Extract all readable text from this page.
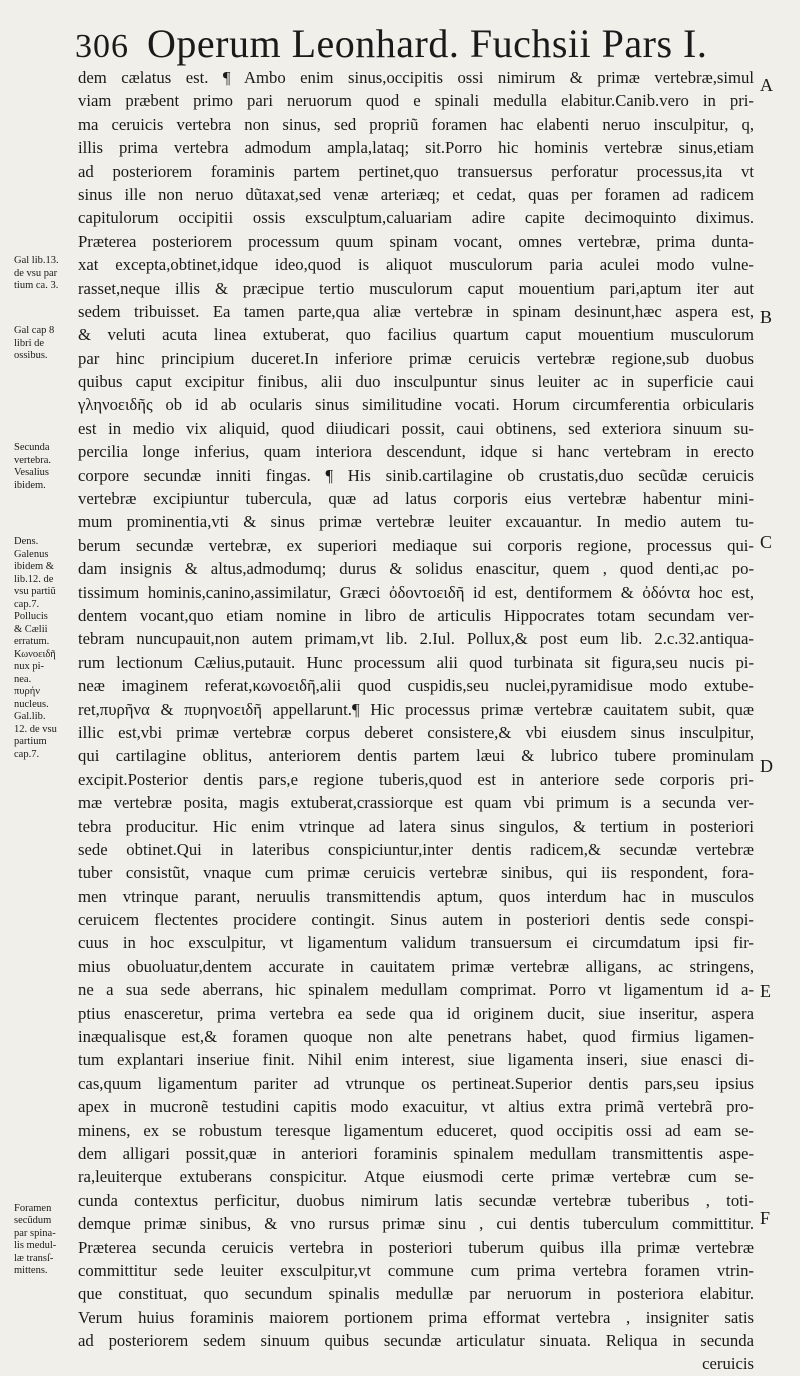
306 Operum Leonhard. Fuchsii Pars I.
dem cælatus est. ¶ Ambo enim sinus,occipitis ossi nimirum & primæ vertebræ,simul
viam præbent primo pari neruorum quod e spinali medulla elabitur.Canib.vero in pri-
ma ceruicis vertebra non sinus, sed propriũ foramen hac elabenti neruo insculpitur, q,
illis prima vertebra admodum ampla,lataq; sit.Porro hic hominis vertebræ sinus,etiam
ad posteriorem foraminis partem pertinet,quo transuersus perforatur processus,ita vt
sinus ille non neruo dũtaxat,sed venæ arteriæq; et cedat, quas per foramen ad radicem
capitulorum occipitii ossis exsculptum,caluariam adire capite decimoquinto diximus.
Præterea posteriorem processum quum spinam vocant, omnes vertebræ, prima dunta-
xat excepta,obtinet,idque ideo,quod is aliquot musculorum paria aculei modo vulne-
rasset,neque illis & præcipue tertio musculorum caput mouentium pari,aptum iter aut
sedem tribuisset. Ea tamen parte,qua aliæ vertebræ in spinam desinunt,hæc aspera est,
& veluti acuta linea extuberat, quo facilius quartum caput mouentium musculorum
par hinc principium duceret.In inferiore primæ ceruicis vertebræ regione,sub duobus
quibus caput excipitur finibus, alii duo insculpuntur sinus leuiter ac in superficie caui
γληνοειδῆς ob id ab ocularis sinus similitudine vocati. Horum circumferentia orbicularis
est in medio vix aliquid, quod diiudicari possit, caui obtinens, sed exteriora sinuum su-
percilia longe inferius, quam interiora descendunt, idque si hanc vertebram in erecto
corpore secundæ inniti fingas. ¶ His sinib.cartilagine ob crustatis,duo secũdæ ceruicis
vertebræ excipiuntur tubercula, quæ ad latus corporis eius vertebræ habentur mini-
mum prominentia,vti & sinus primæ vertebræ leuiter excauantur. In medio autem tu-
berum secundæ vertebræ, ex superiori mediaque sui corporis regione, processus qui-
dam insignis & altus,admodumq; durus & solidus enascitur, quem , quod denti,ac po-
tissimum hominis,canino,assimilatur, Græci ὀδοντοειδῆ id est, dentiformem & ὀδόντα hoc est,
dentem vocant,quo etiam nomine in libro de articulis Hippocrates totam secundam ver-
tebram nuncupauit,non autem primam,vt lib. 2.Iul. Pollux,& post eum lib. 2.c.32.antiqua-
rum lectionum Cælius,putauit. Hunc processum alii quod turbinata sit figura,seu nucis pi-
neæ imaginem referat,κωνοειδῆ,alii quod cuspidis,seu nuclei,pyramidisue modo extube-
ret,πυρῆνα & πυρηνοειδῆ appellarunt.¶ Hic processus primæ vertebræ cauitatem subit, quæ
illic est,vbi primæ vertebræ corpus deberet consistere,& vbi eiusdem sinus insculpitur,
qui cartilagine oblitus, anteriorem dentis partem læui & lubrico tubere prominulam
excipit.Posterior dentis pars,e regione tuberis,quod est in anteriore sede corporis pri-
mæ vertebræ posita, magis extuberat,crassiorque est quam vbi primum is a secunda ver-
tebra producitur. Hic enim vtrinque ad latera sinus singulos, & tertium in posteriori
sede obtinet.Qui in lateribus conspiciuntur,inter dentis radicem,& secundæ vertebræ
tuber consistũt, vnaque cum primæ ceruicis vertebræ sinibus, qui iis respondent, fora-
men vtrinque parant, neruulis transmittendis aptum, quos interdum hac in musculos
ceruicem flectentes procidere contingit. Sinus autem in posteriori dentis sede conspi-
cuus in hoc exsculpitur, vt ligamentum validum transuersum ei circumdatum ipsi fir-
mius obuoluatur,dentem accurate in cauitatem primæ vertebræ alligans, ac stringens,
ne a sua sede aberrans, hic spinalem medullam comprimat. Porro vt ligamentum id a-
ptius enasceretur, prima vertebra ea sede qua id originem ducit, siue inseritur, aspera
inæqualisque est,& foramen quoque non alte penetrans habet, quod firmius ligamen-
tum explantari inseriue finit. Nihil enim interest, siue ligamenta inseri, siue enasci di-
cas,quum ligamentum pariter ad vtrunque os pertineat.Superior dentis pars,seu ipsius
apex in mucronẽ testudini capitis modo exacuitur, vt altius extra primã vertebrã pro-
minens, ex se robustum teresque ligamentum educeret, quod occipitis ossi ad eam se-
dem alligari possit,quæ in anteriori foraminis spinalem medullam transmittentis aspe-
ra,leuiterque extuberans conspicitur. Atque eiusmodi certe primæ vertebræ cum se-
cunda contextus perficitur, duobus nimirum latis secundæ vertebræ tuberibus , toti-
demque primæ sinibus, & vno rursus primæ sinu , cui dentis tuberculum committitur.
Præterea secunda ceruicis vertebra in posteriori tuberum quibus illa primæ vertebræ
committitur sede leuiter exsculpitur,vt commune cum prima vertebra foramen vtrin-
que constituat, quo secundum spinalis medullæ par neruorum in posteriora elabitur.
Verum huius foraminis maiorem portionem prima efformat vertebra , insigniter satis
ad posteriorem sedem sinuum quibus secundæ articulatur sinuata. Reliqua in secunda
ceruicis
Gal lib.13.
de vsu par
tium ca. 3.
Gal cap 8
libri de
ossibus.
Secunda
vertebra.
Vesalius
ibidem.
Dens.
Galenus
ibidem &
lib.12. de
vsu partiũ
cap.7.
Pollucis
& Cælii
erratum.
Κωνοειδῆ
nux pi-
nea.
πυρήν
nucleus.
Gal.lib.
12. de vsu
partium
cap.7.
Foramen
secũdum
par spina-
lis medul-
læ transſ-
mittens.
A
B
C
D
E
F
